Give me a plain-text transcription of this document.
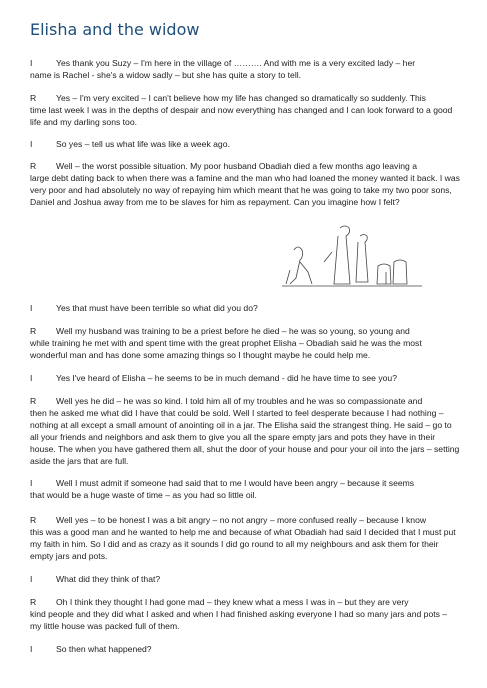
Elisha and the widow
I	Yes thank you Suzy – I'm here in the village of ………. And with me is a very excited lady – her
name is Rachel - she's a widow sadly – but she has quite a story to tell.
R Yes – I'm very excited – I can't believe how my life has changed so dramatically so suddenly. This
time last week I was in the depths of despair and now everything has changed and I can look forward to a good life and my darling sons too.
I	So yes – tell us what life was like a week ago.
R Well – the worst possible situation. My poor husband Obadiah died a few months ago leaving a
large debt dating back to when there was a famine and the man who had loaned the money wanted it back. I was very poor and had absolutely no way of repaying him which meant that he was going to take my two poor sons, Daniel and Joshua away from me to be slaves for him as repayment. Can you imagine how I felt?
I	Yes that must have been terrible so what did you do?
R Well my husband was training to be a priest before he died – he was so young, so young and
while training he met with and spent time with the great prophet Elisha – Obadiah said he was the most wonderful man and has done some amazing things so I thought maybe he could help me.
I	Yes I've heard of Elisha – he seems to be in much demand - did he have time to see you?
R Well yes he did – he was so kind. I told him all of my troubles and he was so compassionate and
then he asked me what did I have that could be sold. Well I started to feel desperate because I had nothing – nothing at all except a small amount of anointing oil in a jar. The Elisha said the strangest thing. He said – go to all your friends and neighbors and ask them to give you all the spare empty jars and pots they have in their house. The when you have gathered them all, shut the door of your house and pour your oil into the jars – setting aside the jars that are full.
I	Well I must admit if someone had said that to me I would have been angry – because it seems
that would be a huge waste of time – as you had so little oil.
R Well yes – to be honest I was a bit angry – no not angry – more confused really – because I know
this was a good man and he wanted to help me and because of what Obadiah had said I decided that I must put my faith in him. So I did and as crazy as it sounds I did go round to all my neighbours and ask them for their empty jars and pots.
I	What did they think of that?
R Oh I think they thought I had gone mad – they knew what a mess I was in – but they are very
kind people and they did what I asked and when I had finished asking everyone I had so many jars and pots – my little house was packed full of them.
I	So then what happened?
